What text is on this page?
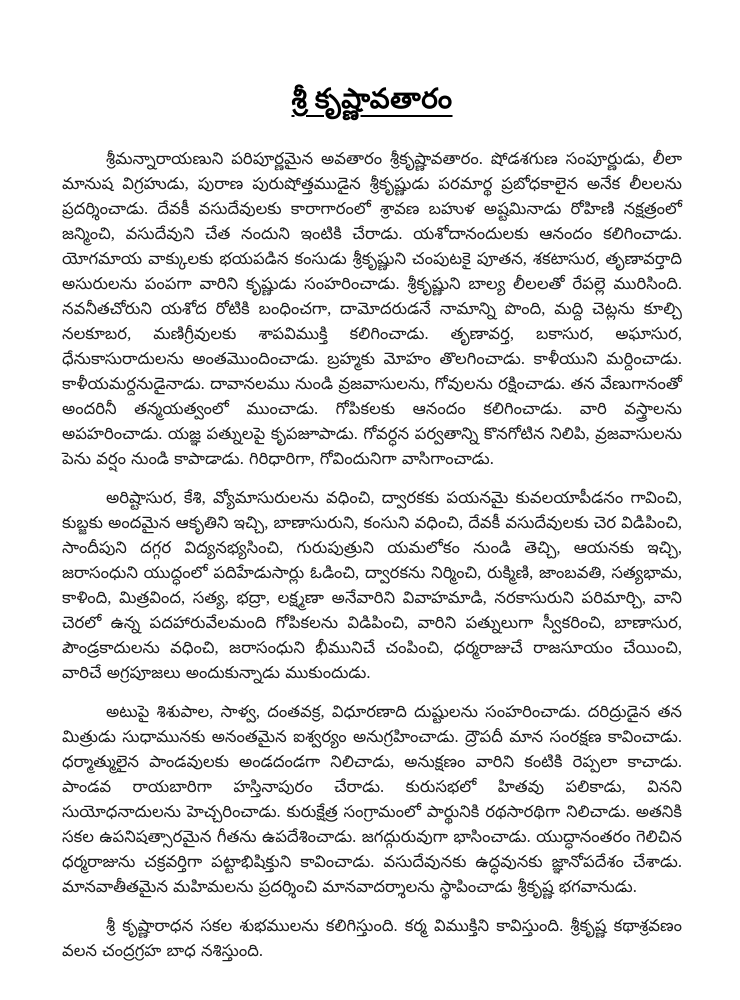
శ్రీ కృష్ణావతారం

శ్రీమన్నారాయణుని పరిపూర్ణమైన అవతారం శ్రీకృష్ణావతారం. షోడశగుణ సంపూర్ణుడు, లీలా మానుష విగ్రహుడు, పురాణ పురుషోత్తముడైన శ్రీకృష్ణుడు పరమార్థ ప్రబోధకాలైన అనేక లీలలను ప్రదర్శించాడు. దేవకీ వసుదేవులకు కారాగారంలో శ్రావణ బహుళ అష్టమినాడు రోహిణి నక్షత్రంలో జన్మించి, వసుదేవుని చేత నందుని ఇంటికి చేరాడు. యశోదానందులకు ఆనందం కలిగించాడు. యోగమాయ వాక్కులకు భయపడిన కంసుడు శ్రీకృష్ణుని చంపుటకై పూతన, శకటాసుర, తృణావర్తాది అసురులను పంపగా వారిని కృష్ణుడు సంహరించాడు. శ్రీకృష్ణుని బాల్య లీలలతో రేపల్లె మురిసింది. నవనీతచోరుని యశోద రోటికి బంధించగా, దామోదరుడనే నామాన్ని పొంది, మద్ది చెట్లను కూల్చి నలకూబర, మణిగ్రీవులకు శాపవిముక్తి కలిగించాడు. తృణావర్త, బకాసుర, అఘాసుర, ధేనుకాసురాదులను అంతమొందించాడు. బ్రహ్మకు మోహం తొలగించాడు. కాళీయుని మర్దించాడు. కాళీయమర్దనుడైనాడు. దావానలము నుండి వ్రజవాసులను, గోవులను రక్షించాడు. తన వేణుగానంతో అందరినీ తన్మయత్వంలో ముంచాడు. గోపికలకు ఆనందం కలిగించాడు. వారి వస్త్రాలను అపహరించాడు. యజ్ఞ పత్నులపై కృపజూపాడు. గోవర్ధన పర్వతాన్ని కొనగోటిన నిలిపి, వ్రజవాసులను పెను వర్షం నుండి కాపాడాడు. గిరిధారిగా, గోవిందునిగా వాసిగాంచాడు.

అరిష్టాసుర, కేశి, వ్యోమాసురులను వధించి, ద్వారకకు పయనమై కువలయాపీడనం గావించి, కుబ్జకు అందమైన ఆకృతిని ఇచ్చి, బాణాసురుని, కంసుని వధించి, దేవకీ వసుదేవులకు చెర విడిపించి, సాందీపుని దగ్గర విద్యనభ్యసించి, గురుపుత్రుని యమలోకం నుండి తెచ్చి, ఆయనకు ఇచ్చి, జరాసంధుని యుద్ధంలో పదిహేడుసార్లు ఓడించి, ద్వారకను నిర్మించి, రుక్మిణి, జాంబవతి, సత్యభామ, కాళింది, మిత్రవింద, సత్య, భద్రా, లక్ష్మణా అనేవారిని వివాహమాడి, నరకాసురుని పరిమార్చి, వాని చెరలో ఉన్న పదహారువేలమంది గోపికలను విడిపించి, వారిని పత్నులుగా స్వీకరించి, బాణాసుర, పౌండ్రకాదులను వధించి, జరాసంధుని భీమునిచే చంపించి, ధర్మరాజుచే రాజసూయం చేయించి, వారిచే అగ్రపూజలు అందుకున్నాడు ముకుందుడు.

అటుపై శిశుపాల, సాళ్వ, దంతవక్ర, విధూరణాది దుష్టులను సంహరించాడు. దరిద్రుడైన తన మిత్రుడు సుధామునకు అనంతమైన ఐశ్వర్యం అనుగ్రహించాడు. ద్రౌపదీ మాన సంరక్షణ కావించాడు. ధర్మాత్ములైన పాండవులకు అండదండగా నిలిచాడు, అనుక్షణం వారిని కంటికి రెప్పలా కాచాడు. పాండవ రాయబారిగా హస్తినాపురం చేరాడు. కురుసభలో హితవు పలికాడు, వినని సుయోధనాదులను హెచ్చరించాడు. కురుక్షేత్ర సంగ్రామంలో పార్థునికి రథసారథిగా నిలిచాడు. అతనికి సకల ఉపనిషత్సారమైన గీతను ఉపదేశించాడు. జగద్గురువుగా భాసించాడు. యుద్ధానంతరం గెలిచిన ధర్మరాజును చక్రవర్తిగా పట్టాభిషిక్తుని కావించాడు. వసుదేవునకు ఉద్ధవునకు జ్ఞానోపదేశం చేశాడు. మానవాతీతమైన మహిమలను ప్రదర్శించి మానవాదర్శాలను స్థాపించాడు శ్రీకృష్ణ భగవానుడు.

శ్రీ కృష్ణారాధన సకల శుభములను కలిగిస్తుంది. కర్మ విముక్తిని కావిస్తుంది. శ్రీకృష్ణ కథాశ్రవణం వలన చంద్రగ్రహ బాధ నశిస్తుంది.
